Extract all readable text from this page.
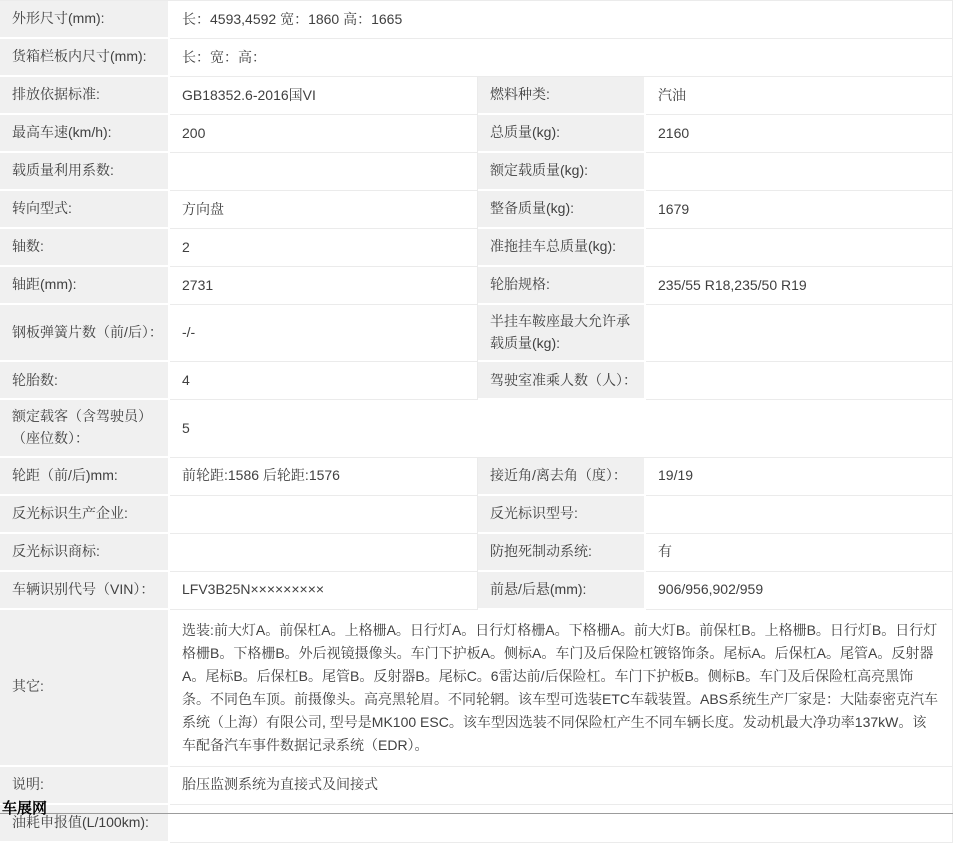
外形尺寸(mm):	长：4593,4592 宽：1860 高：1665		
货箱栏板内尺寸(mm):	长：宽：高：		
排放依据标准:	GB18352.6-2016国VI	燃料种类:	汽油
最高车速(km/h):	200	总质量(kg):	2160
载质量利用系数:		额定载质量(kg):	
转向型式:	方向盘	整备质量(kg):	1679
轴数:	2	准拖挂车总质量(kg):	
轴距(mm):	2731	轮胎规格:	235/55 R18,235/50 R19
钢板弹簧片数（前/后）：	-/-	半挂车鞍座最大允许承载质量(kg):	
轮胎数:	4	驾驶室准乘人数（人）：	
额定载客（含驾驶员）（座位数）：	5		
轮距（前/后)mm:	前轮距:1586 后轮距:1576	接近角/离去角（度）：	19/19
反光标识生产企业:		反光标识型号:	
反光标识商标:		防抱死制动系统:	有
车辆识别代号（VIN）：	LFV3B25N×××××××××	前悬/后悬(mm):	906/956,902/959
其它:	选装:前大灯A。前保杠A。上格栅A。日行灯A。日行灯格栅A。下格栅A。前大灯B。前保杠B。上格栅B。日行灯B。日行灯格栅B。下格栅B。外后视镜摄像头。车门下护板A。侧标A。车门及后保险杠镀铬饰条。尾标A。后保杠A。尾管A。反射器A。尾标B。后保杠B。尾管B。反射器B。尾标C。6雷达前/后保险杠。车门下护板B。侧标B。车门及后保险杠高亮黑饰条。不同色车顶。前摄像头。高亮黑轮眉。不同轮辋。该车型可选装ETC车载装置。ABS系统生产厂家是：大陆泰密克汽车系统（上海）有限公司, 型号是MK100 ESC。该车型因选装不同保险杠产生不同车辆长度。发动机最大净功率137kW。该车配备汽车事件数据记录系统（EDR）。		
说明:	胎压监测系统为直接式及间接式		
油耗申报值(L/100km):			
车展网
